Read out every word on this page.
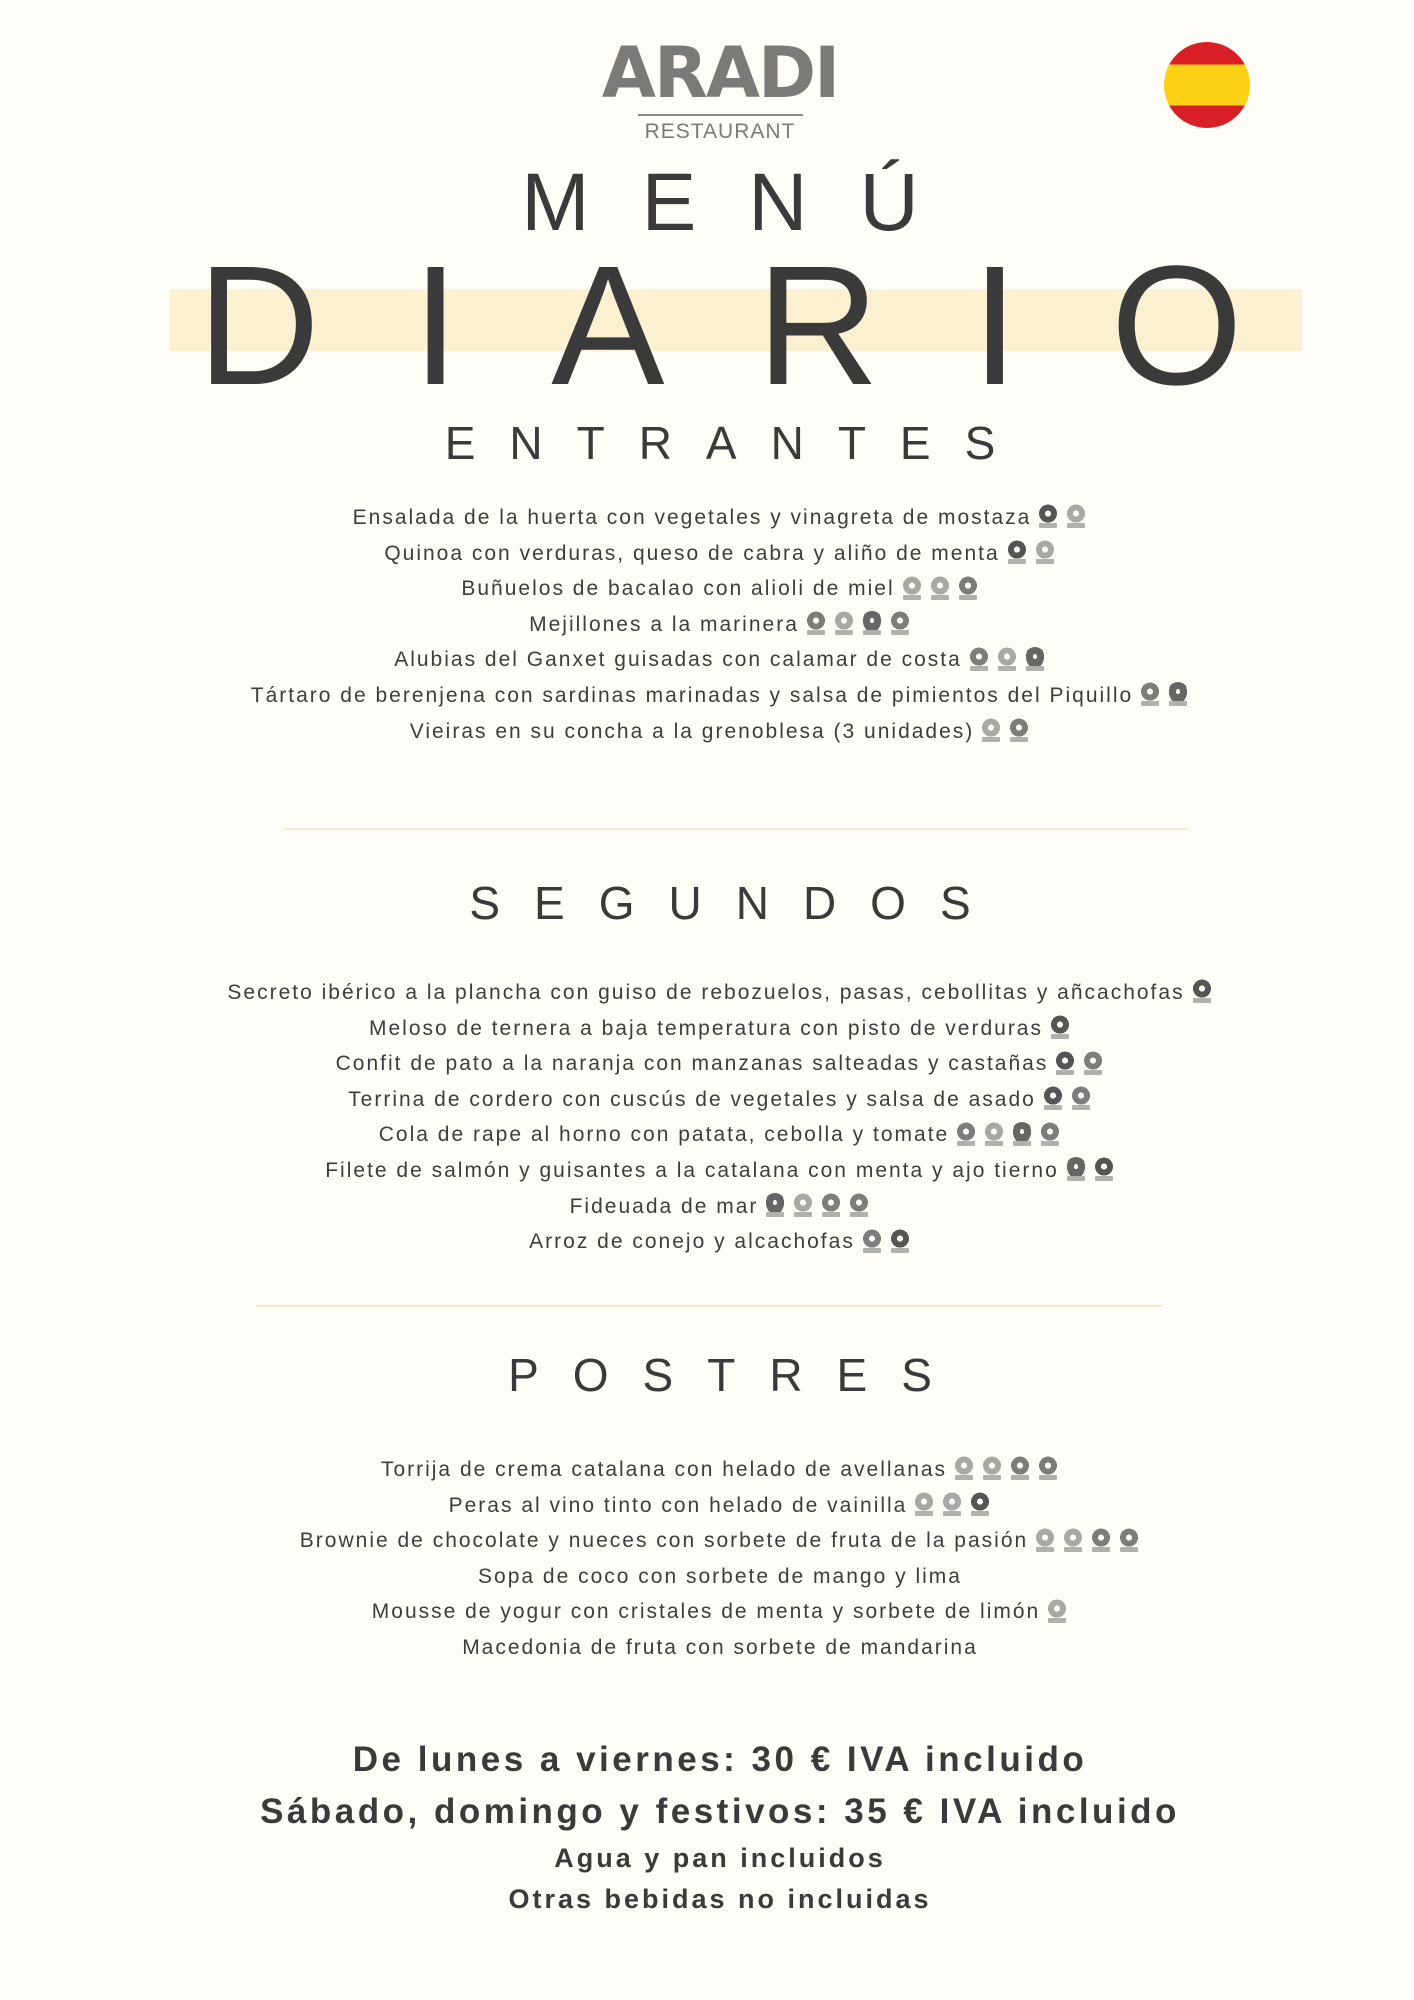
ARADI
RESTAURANT
MENÚ
DIARIO
ENTRANTES
Ensalada de la huerta con vegetales y vinagreta de mostaza
Quinoa con verduras, queso de cabra y aliño de menta
Buñuelos de bacalao con alioli de miel
Mejillones a la marinera
Alubias del Ganxet guisadas con calamar de costa
Tártaro de berenjena con sardinas marinadas y salsa de pimientos del Piquillo
Vieiras en su concha a la grenoblesa (3 unidades)
SEGUNDOS
Secreto ibérico a la plancha con guiso de rebozuelos, pasas, cebollitas y añcachofas
Meloso de ternera a baja temperatura con pisto de verduras
Confit de pato a la naranja con manzanas salteadas y castañas
Terrina de cordero con cuscús de vegetales y salsa de asado
Cola de rape al horno con patata, cebolla y tomate
Filete de salmón y guisantes a la catalana con menta y ajo tierno
Fideuada de mar
Arroz de conejo y alcachofas
POSTRES
Torrija de crema catalana con helado de avellanas
Peras al vino tinto con helado de vainilla
Brownie de chocolate y nueces con sorbete de fruta de la pasión
Sopa de coco con sorbete de mango y lima
Mousse de yogur con cristales de menta y sorbete de limón
Macedonia de fruta con sorbete de mandarina
De lunes a viernes: 30 € IVA incluido
Sábado, domingo y festivos: 35 € IVA incluido
Agua y pan incluidos
Otras bebidas no incluidas
